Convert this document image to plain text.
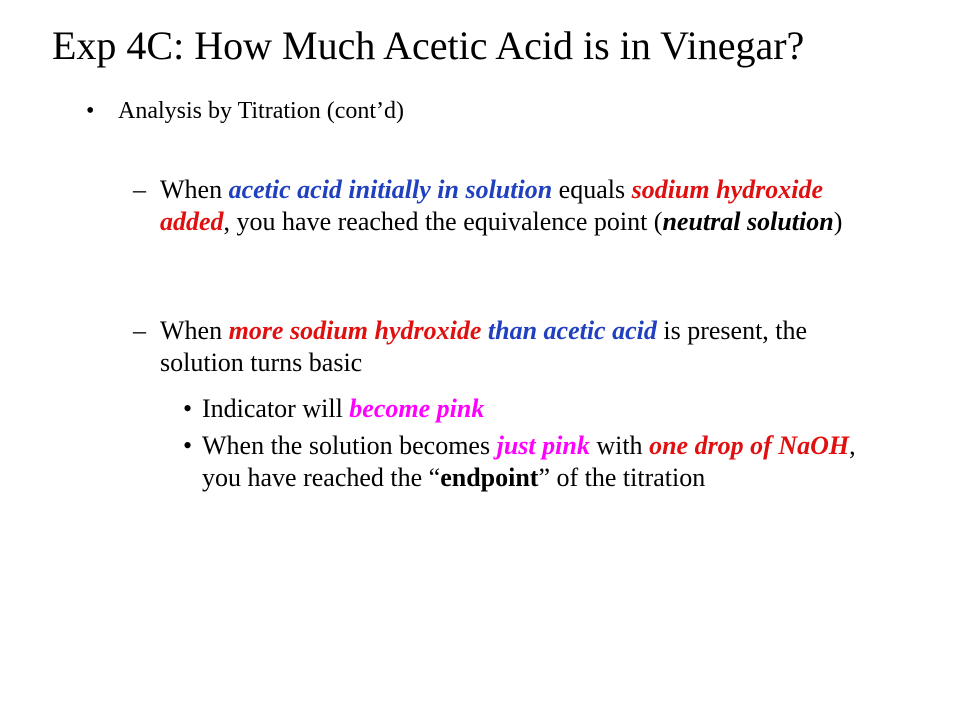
Exp 4C: How Much Acetic Acid is in Vinegar?
• Analysis by Titration (cont’d)
– When acetic acid initially in solution equals sodium hydroxide added, you have reached the equivalence point (neutral solution)
– When more sodium hydroxide than acetic acid is present, the solution turns basic
• Indicator will become pink
• When the solution becomes just pink with one drop of NaOH, you have reached the “endpoint” of the titration
